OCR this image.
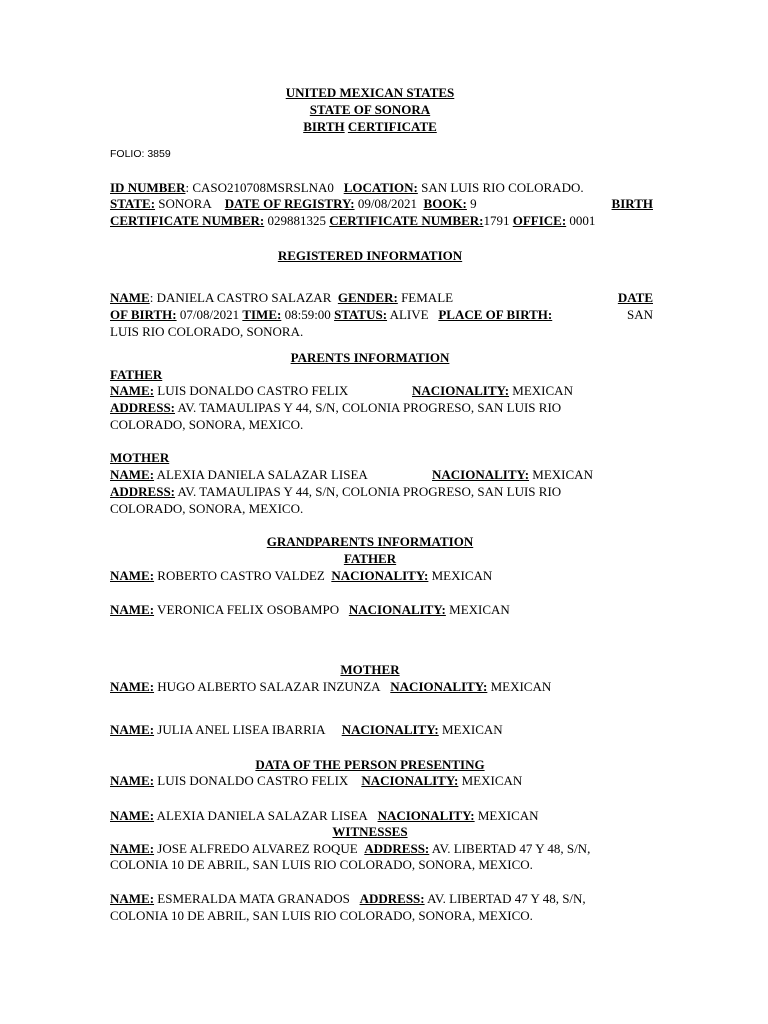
UNITED MEXICAN STATES
STATE OF SONORA
BIRTH CERTIFICATE
FOLIO: 3859
ID NUMBER: CASO210708MSRSLNA0 LOCATION: SAN LUIS RIO COLORADO.
STATE: SONORA DATE OF REGISTRY: 09/08/2021 BOOK: 9	BIRTH
CERTIFICATE NUMBER: 029881325 CERTIFICATE NUMBER:1791 OFFICE: 0001
REGISTERED INFORMATION
NAME: DANIELA CASTRO SALAZAR GENDER: FEMALE	DATE
OF BIRTH: 07/08/2021 TIME: 08:59:00 STATUS: ALIVE PLACE OF BIRTH:	SAN
LUIS RIO COLORADO, SONORA.
PARENTS INFORMATION
FATHER
NAME: LUIS DONALDO CASTRO FELIX	NACIONALITY: MEXICAN
ADDRESS: AV. TAMAULIPAS Y 44, S/N, COLONIA PROGRESO, SAN LUIS RIO
COLORADO, SONORA, MEXICO.
MOTHER
NAME: ALEXIA DANIELA SALAZAR LISEA	NACIONALITY: MEXICAN
ADDRESS: AV. TAMAULIPAS Y 44, S/N, COLONIA PROGRESO, SAN LUIS RIO
COLORADO, SONORA, MEXICO.
GRANDPARENTS INFORMATION
FATHER
NAME: ROBERTO CASTRO VALDEZ NACIONALITY: MEXICAN
NAME: VERONICA FELIX OSOBAMPO NACIONALITY: MEXICAN
MOTHER
NAME: HUGO ALBERTO SALAZAR INZUNZA NACIONALITY: MEXICAN
NAME: JULIA ANEL LISEA IBARRIA NACIONALITY: MEXICAN
DATA OF THE PERSON PRESENTING
NAME: LUIS DONALDO CASTRO FELIX NACIONALITY: MEXICAN
NAME: ALEXIA DANIELA SALAZAR LISEA NACIONALITY: MEXICAN
WITNESSES
NAME: JOSE ALFREDO ALVAREZ ROQUE ADDRESS: AV. LIBERTAD 47 Y 48, S/N,
COLONIA 10 DE ABRIL, SAN LUIS RIO COLORADO, SONORA, MEXICO.
NAME: ESMERALDA MATA GRANADOS ADDRESS: AV. LIBERTAD 47 Y 48, S/N,
COLONIA 10 DE ABRIL, SAN LUIS RIO COLORADO, SONORA, MEXICO.
